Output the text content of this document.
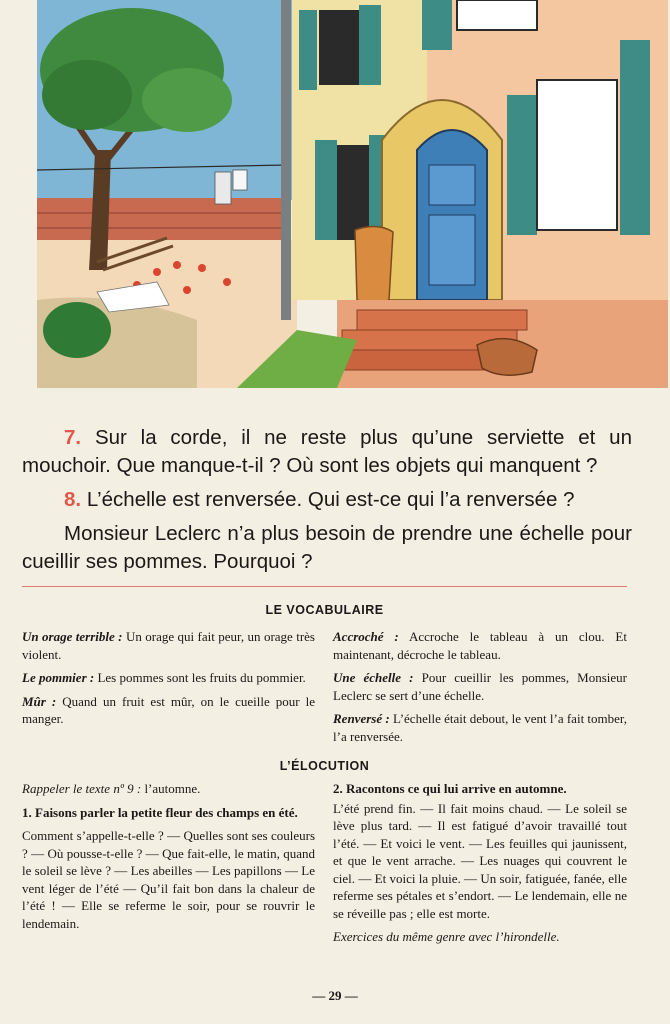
7. Sur la corde, il ne reste plus qu’une serviette et un mouchoir. Que manque-t-il ? Où sont les objets qui manquent ?

8. L’échelle est renversée. Qui est-ce qui l’a renversée ?

Monsieur Leclerc n’a plus besoin de prendre une échelle pour cueillir ses pommes. Pourquoi ?

LE VOCABULAIRE

Un orage terrible : Un orage qui fait peur, un orage très violent.

Le pommier : Les pommes sont les fruits du pommier.

Mûr : Quand un fruit est mûr, on le cueille pour le manger.

Accroché : Accroche le tableau à un clou. Et maintenant, décroche le tableau.

Une échelle : Pour cueillir les pommes, Monsieur Leclerc se sert d’une échelle.

Renversé : L’échelle était debout, le vent l’a fait tomber, l’a renversée.

L’ÉLOCUTION

Rappeler le texte nº 9 : l’automne.

1. Faisons parler la petite fleur des champs en été.

Comment s’appelle-t-elle ? — Quelles sont ses couleurs ? — Où pousse-t-elle ? — Que fait-elle, le matin, quand le soleil se lève ? — Les abeilles — Les papillons — Le vent léger de l’été — Qu’il fait bon dans la chaleur de l’été ! — Elle se referme le soir, pour se rouvrir le lendemain.

2. Racontons ce qui lui arrive en automne.

L’été prend fin. — Il fait moins chaud. — Le soleil se lève plus tard. — Il est fatigué d’avoir travaillé tout l’été. — Et voici le vent. — Les feuilles qui jaunissent, et que le vent arrache. — Les nuages qui couvrent le ciel. — Et voici la pluie. — Un soir, fatiguée, fanée, elle referme ses pétales et s’endort. — Le lendemain, elle ne se réveille pas ; elle est morte.

Exercices du même genre avec l’hirondelle.

— 29 —
